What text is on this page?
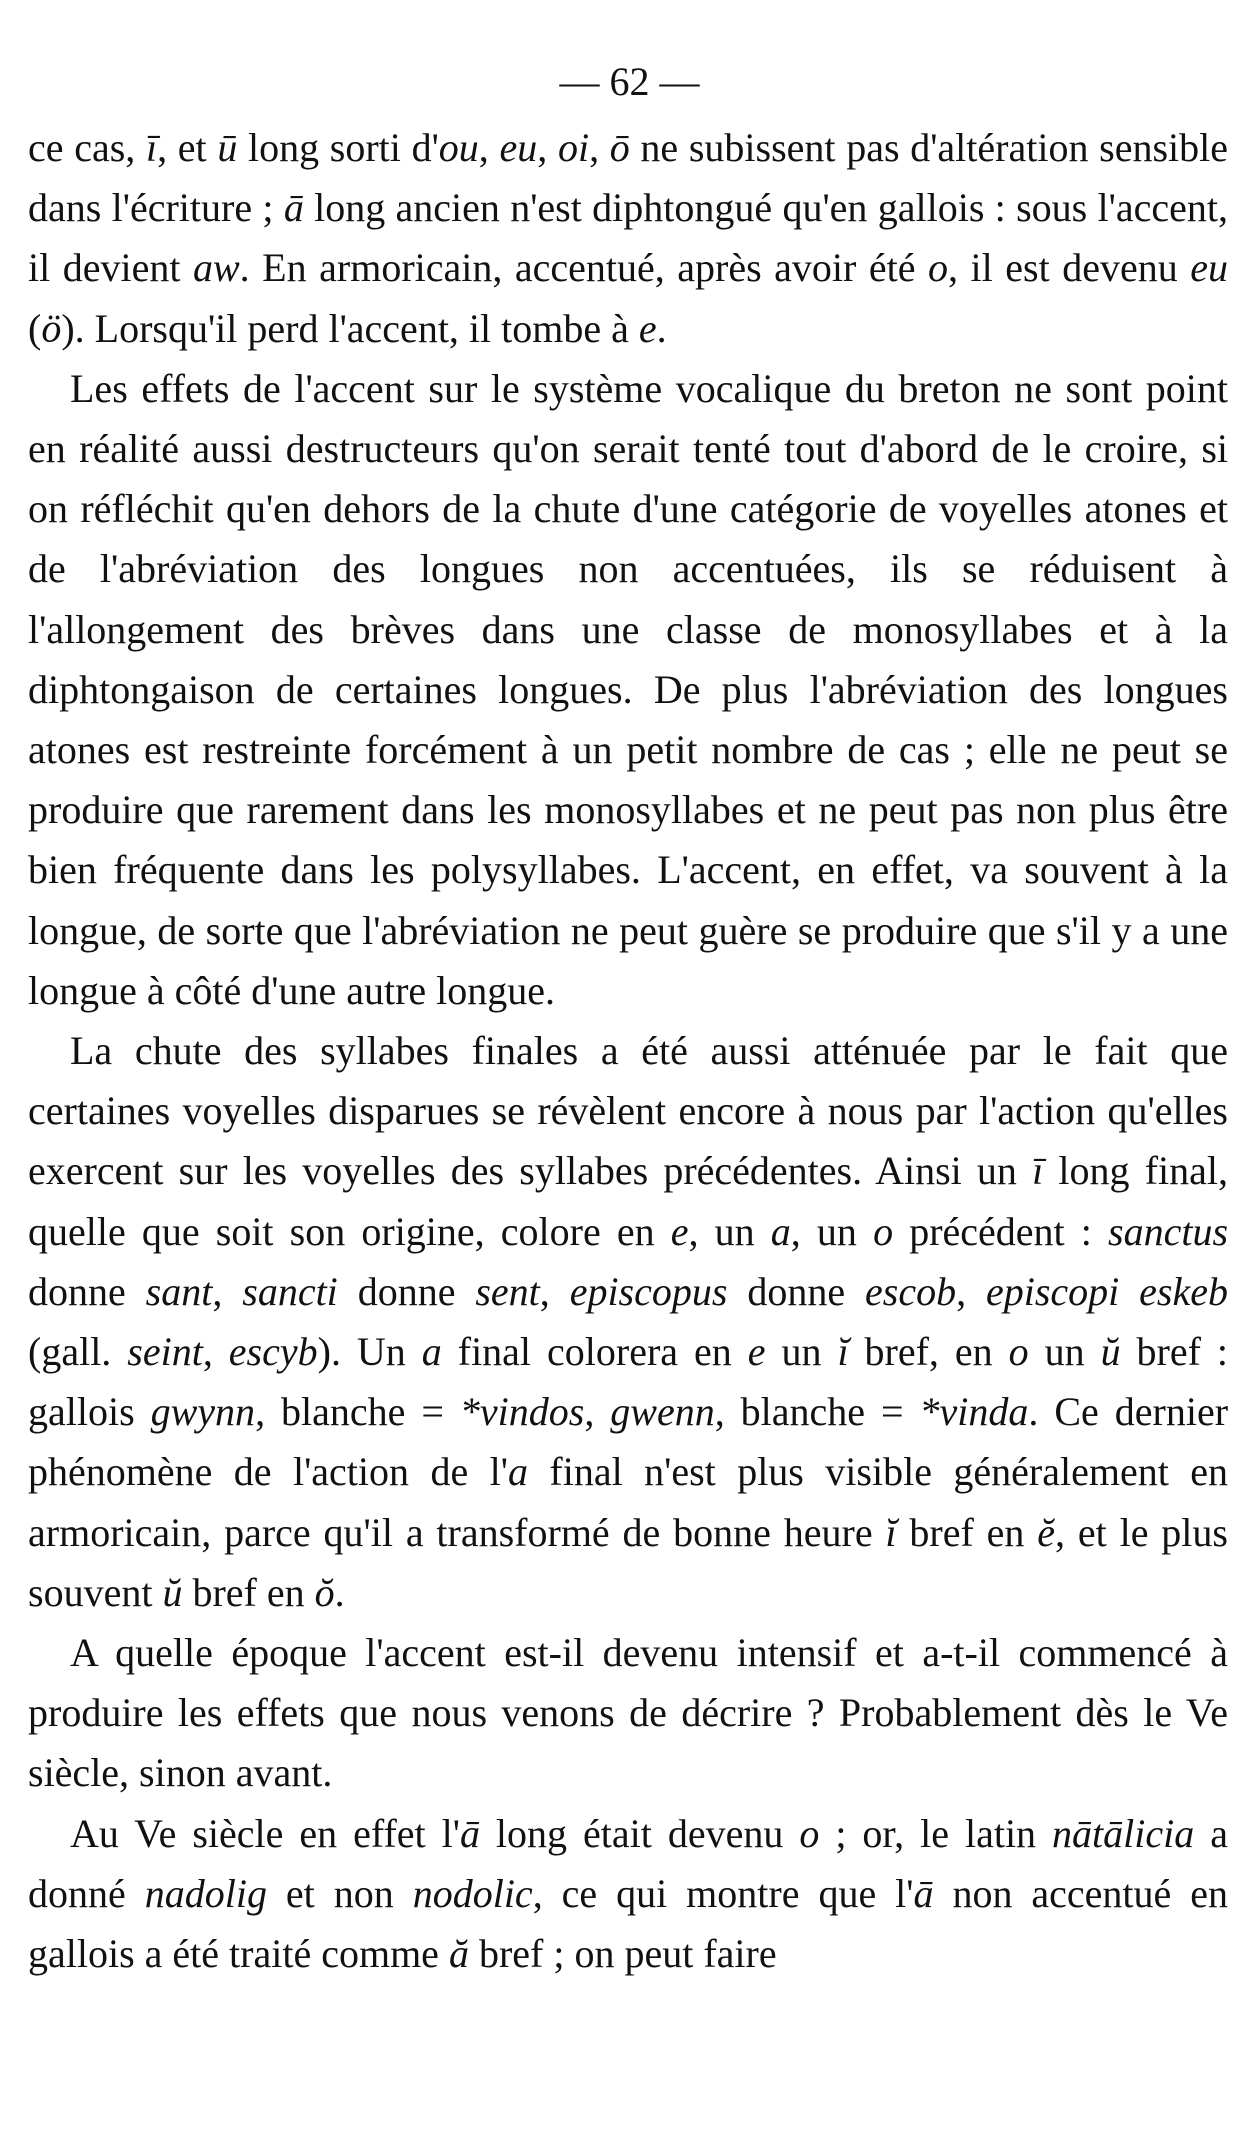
— 62 —

ce cas, ī, et ū long sorti d'ou, eu, oi, ō ne subissent pas d'altération sensible dans l'écriture ; ā long ancien n'est diphtongué qu'en gallois : sous l'accent, il devient aw. En armoricain, accentué, après avoir été o, il est devenu eu (ö). Lorsqu'il perd l'accent, il tombe à e.

Les effets de l'accent sur le système vocalique du breton ne sont point en réalité aussi destructeurs qu'on serait tenté tout d'abord de le croire, si on réfléchit qu'en dehors de la chute d'une catégorie de voyelles atones et de l'abréviation des longues non accentuées, ils se réduisent à l'allongement des brèves dans une classe de monosyllabes et à la diphtongaison de certaines longues. De plus l'abréviation des longues atones est restreinte forcément à un petit nombre de cas ; elle ne peut se produire que rarement dans les monosyllabes et ne peut pas non plus être bien fréquente dans les polysyllabes. L'accent, en effet, va souvent à la longue, de sorte que l'abréviation ne peut guère se produire que s'il y a une longue à côté d'une autre longue.

La chute des syllabes finales a été aussi atténuée par le fait que certaines voyelles disparues se révèlent encore à nous par l'action qu'elles exercent sur les voyelles des syllabes précédentes. Ainsi un ī long final, quelle que soit son origine, colore en e, un a, un o précédent : sanctus donne sant, sancti donne sent, episcopus donne escob, episcopi eskeb (gall. seint, escyb). Un a final colorera en e un ĭ bref, en o un ŭ bref : gallois gwynn, blanche = *vindos, gwenn, blanche = *vinda. Ce dernier phénomène de l'action de l'a final n'est plus visible généralement en armoricain, parce qu'il a transformé de bonne heure ĭ bref en ĕ, et le plus souvent ŭ bref en ŏ.

A quelle époque l'accent est-il devenu intensif et a-t-il commencé à produire les effets que nous venons de décrire ? Probablement dès le Ve siècle, sinon avant.

Au Ve siècle en effet l'ā long était devenu o ; or, le latin nātālicia a donné nadolig et non nodolic, ce qui montre que l'ā non accentué en gallois a été traité comme ă bref ; on peut faire
